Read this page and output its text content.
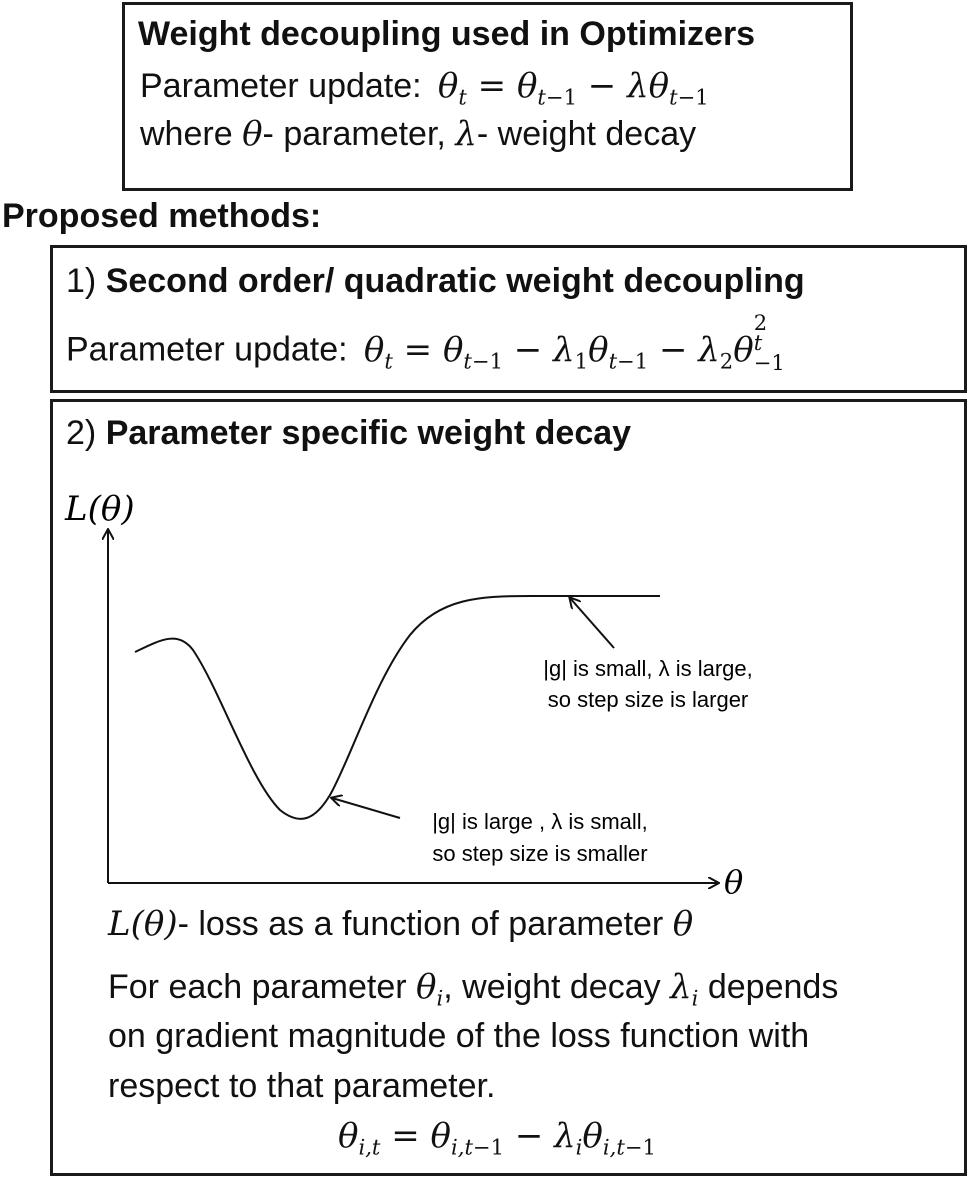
Weight decoupling used in Optimizers
Parameter update:  $\theta_t = \theta_{t-1} - \lambda\theta_{t-1}$
where θ- parameter, λ- weight decay
Proposed methods:
1) Second order/ quadratic weight decoupling
Parameter update:  $\theta_t = \theta_{t-1} - \lambda_1\theta_{t-1} - \lambda_2\theta$
2
t
−1
2) Parameter specific weight decay
L(θ)
θ
|g| is small, λ is large,
so step size is larger
|g| is large , λ is small,
so step size is smaller
L(θ)- loss as a function of parameter θ
For each parameter $\theta_i$, weight decay $\lambda_i$ depends
on gradient magnitude of the loss function with
respect to that parameter.
$\theta_{i,t} = \theta_{i,t-1} - \lambda_i\theta_{i,t-1}$
